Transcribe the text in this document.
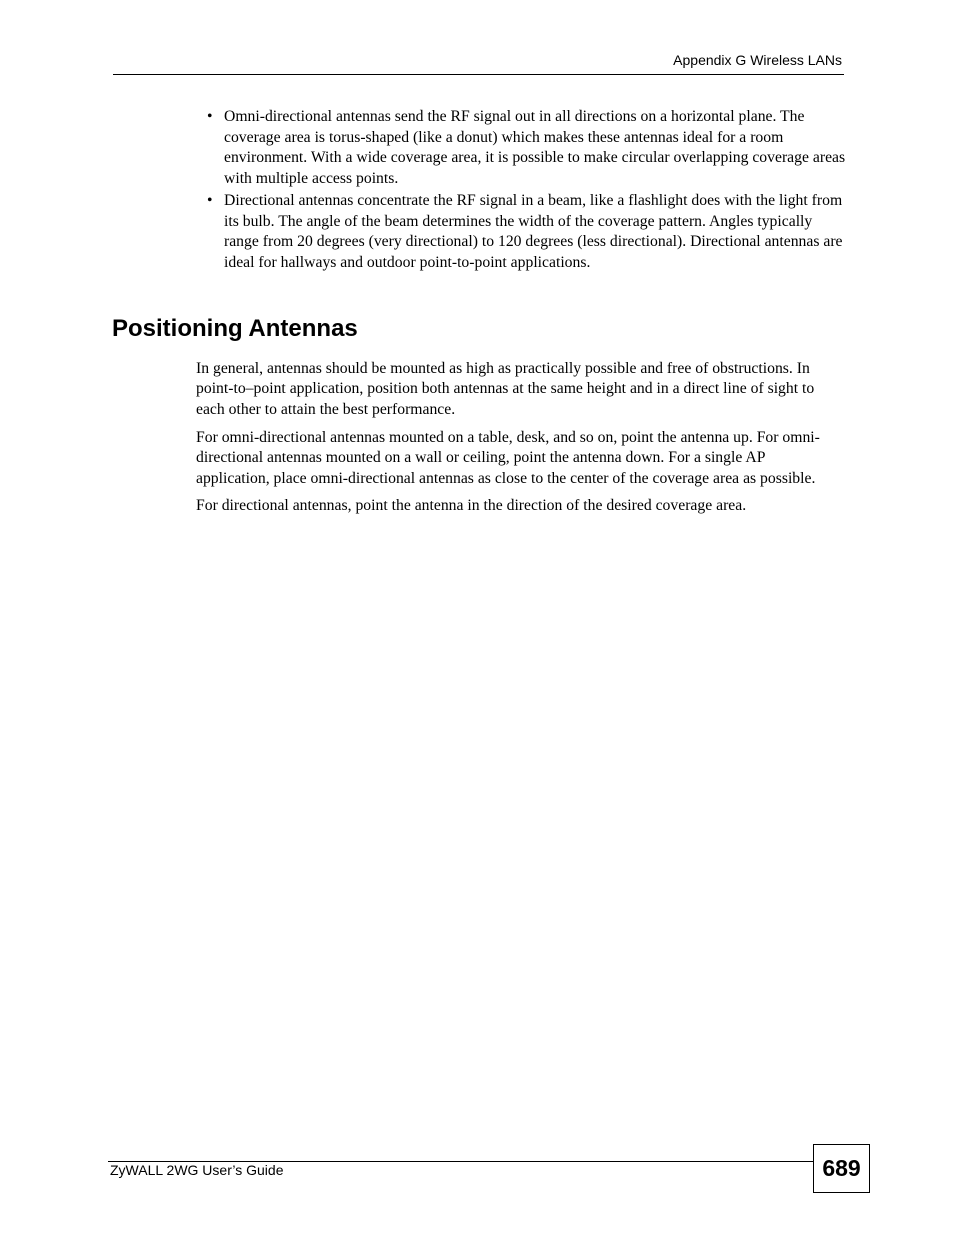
Appendix G Wireless LANs
• Omni-directional antennas send the RF signal out in all directions on a horizontal plane. The coverage area is torus-shaped (like a donut) which makes these antennas ideal for a room environment. With a wide coverage area, it is possible to make circular overlapping coverage areas with multiple access points.
• Directional antennas concentrate the RF signal in a beam, like a flashlight does with the light from its bulb. The angle of the beam determines the width of the coverage pattern. Angles typically range from 20 degrees (very directional) to 120 degrees (less directional). Directional antennas are ideal for hallways and outdoor point-to-point applications.
Positioning Antennas

In general, antennas should be mounted as high as practically possible and free of obstructions. In point-to–point application, position both antennas at the same height and in a direct line of sight to each other to attain the best performance.

For omni-directional antennas mounted on a table, desk, and so on, point the antenna up. For omni-directional antennas mounted on a wall or ceiling, point the antenna down. For a single AP application, place omni-directional antennas as close to the center of the coverage area as possible.

For directional antennas, point the antenna in the direction of the desired coverage area.

ZyWALL 2WG User’s Guide	689
